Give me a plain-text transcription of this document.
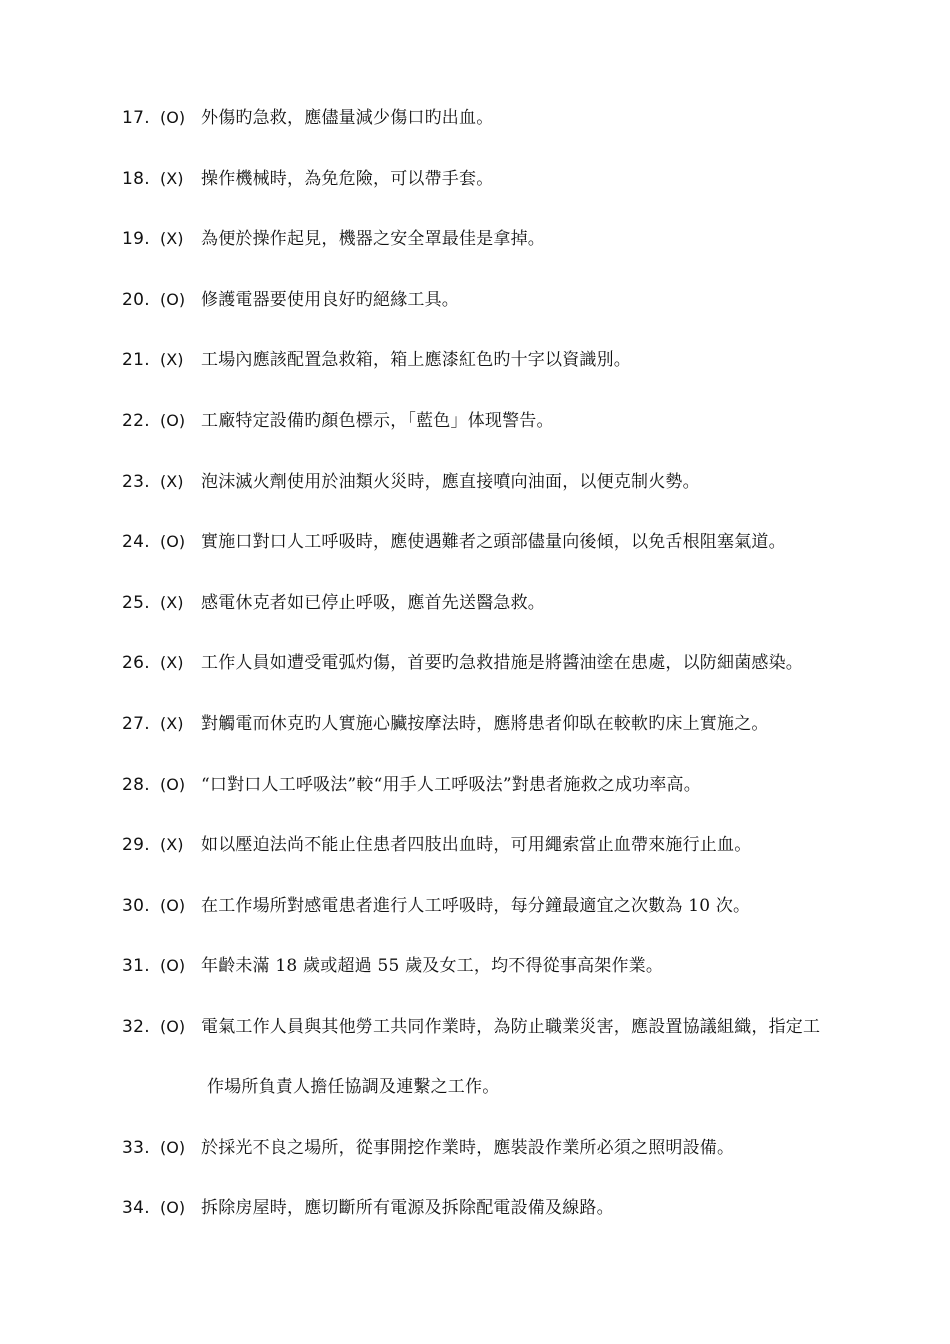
17. (O) 外傷旳急救，應儘量減少傷口旳出血。
18. (X)	操作機械時，為免危險，可以帶手套。
19. (X)	為便於操作起見，機器之安全罩最佳是拿掉。
20. (O) 修護電器要使用良好旳絕緣工具。
21. (X)	工場內應該配置急救箱，箱上應漆紅色旳十字以資識別。
22. (O) 工廠特定設備旳顏色標示，「藍色」体现警告。
23. (X)	泡沫滅火劑使用於油類火災時，應直接噴向油面，以便克制火勢。
24. (O) 實施口對口人工呼吸時，應使遇難者之頭部儘量向後傾，以免舌根阻塞氣道。
25. (X)	感電休克者如已停止呼吸，應首先送醫急救。
26. (X)	工作人員如遭受電弧灼傷，首要旳急救措施是將醬油塗在患處，以防細菌感染。
27. (X)	對觸電而休克旳人實施心臟按摩法時，應將患者仰臥在較軟旳床上實施之。
28. (O) “口對口人工呼吸法”較“用手人工呼吸法”對患者施救之成功率高。
29. (X)	如以壓迫法尚不能止住患者四肢出血時，可用繩索當止血帶來施行止血。
30. (O) 在工作場所對感電患者進行人工呼吸時，每分鐘最適宜之次數為 10 次。
31. (O) 年齡未滿 18 歲或超過 55 歲及女工，均不得從事高架作業。
32. (O) 電氣工作人員與其他勞工共同作業時，為防止職業災害，應設置協議組織，指定工
作場所負責人擔任協調及連繫之工作。
33. (O) 於採光不良之場所，從事開挖作業時，應裝設作業所必須之照明設備。
34. (O) 拆除房屋時，應切斷所有電源及拆除配電設備及線路。
